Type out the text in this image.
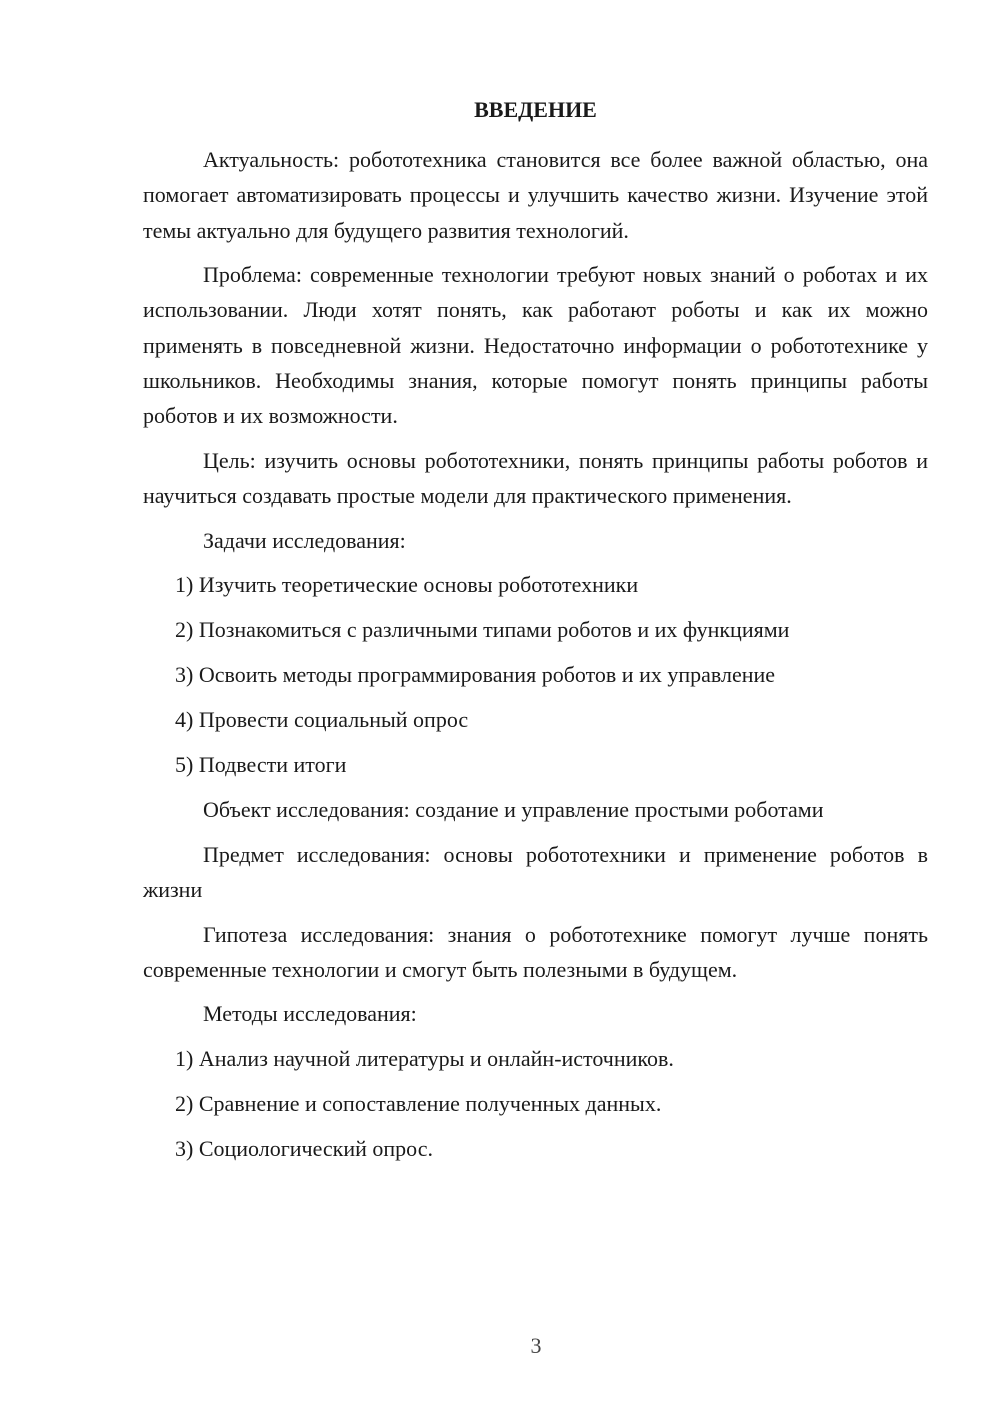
ВВЕДЕНИЕ

Актуальность: робототехника становится все более важной областью, она помогает автоматизировать процессы и улучшить качество жизни. Изучение этой темы актуально для будущего развития технологий.

Проблема: современные технологии требуют новых знаний о роботах и их использовании. Люди хотят понять, как работают роботы и как их можно применять в повседневной жизни. Недостаточно информации о робототехнике у школьников. Необходимы знания, которые помогут понять принципы работы роботов и их возможности.

Цель: изучить основы робототехники, понять принципы работы роботов и научиться создавать простые модели для практического применения.

Задачи исследования:

1) Изучить теоретические основы робототехники
2) Познакомиться с различными типами роботов и их функциями
3) Освоить методы программирования роботов и их управление
4) Провести социальный опрос
5) Подвести итоги

Объект исследования: создание и управление простыми роботами

Предмет исследования: основы робототехники и применение роботов в жизни

Гипотеза исследования: знания о робототехнике помогут лучше понять современные технологии и смогут быть полезными в будущем.

Методы исследования:

1) Анализ научной литературы и онлайн-источников.
2) Сравнение и сопоставление полученных данных.
3) Социологический опрос.
3
